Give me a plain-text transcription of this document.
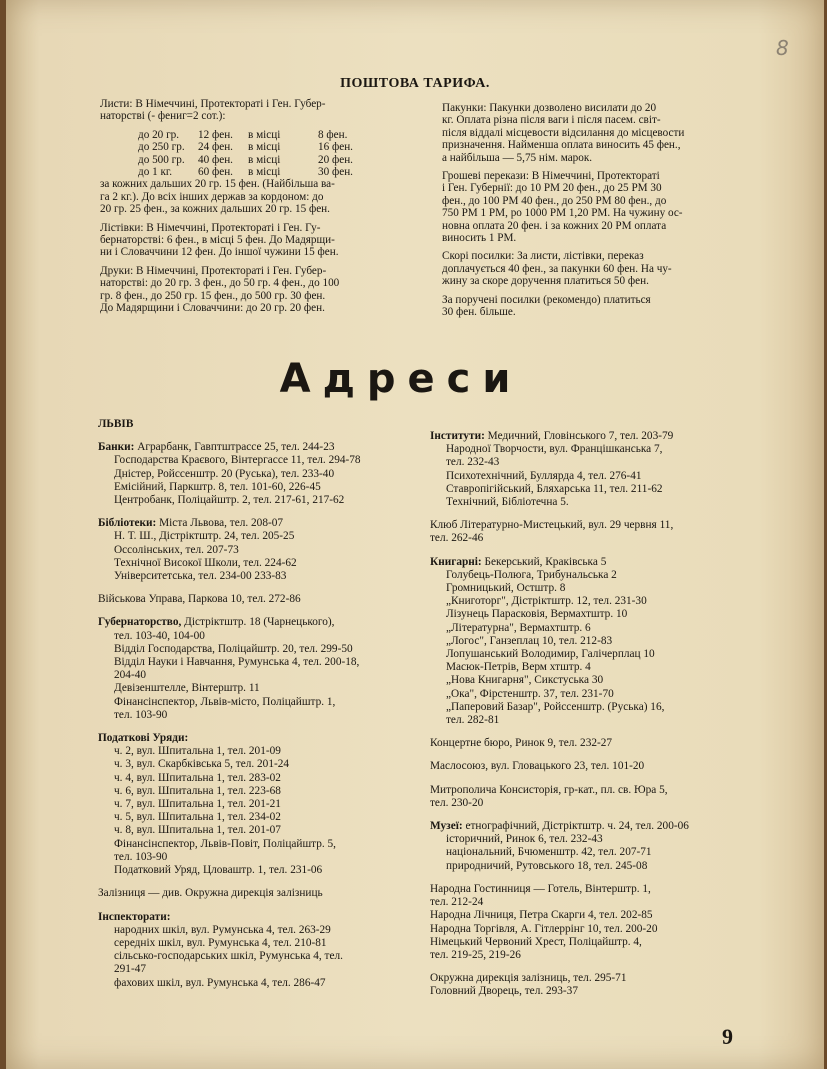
8
ПОШТОВА ТАРИФА.

Листи: В Німеччині, Протектораті і Ген. Губер-
наторстві (- фениг=2 сот.):

до 20 гр.	12 фен.	в місці	8 фен.
до 250 гр.	24 фен.	в місці	16 фен.
до 500 гр.	40 фен.	в місці	20 фен.
до 1 кг.	60 фен.	в місці	30 фен.

за кожних дальших 20 гр. 15 фен. (Найбільша ва-
га 2 кг.). До всіх інших держав за кордоном: до
20 гр. 25 фен., за кожних дальших 20 гр. 15 фен.

Лістівки: В Німеччині, Протектораті і Ген. Гу-
бернаторстві: 6 фен., в місці 5 фен. До Мадярщи-
ни і Словаччини 12 фен. До іншої чужини 15 фен.

Друки: В Німеччині, Протектораті і Ген. Губер-
наторстві: до 20 гр. 3 фен., до 50 гр. 4 фен., до 100
гр. 8 фен., до 250 гр. 15 фен., до 500 гр. 30 фен.
До Мадярщини і Словаччини: до 20 гр. 20 фен.

Пакунки: Пакунки дозволено висилати до 20
кг. Оплата різна після ваги і після пасем. світ-
після віддалі місцевости відсилання до місцевости
призначення. Найменша оплата виносить 45 фен.,
а найбільша — 5,75 нім. марок.

Грошеві перекази: В Німеччині, Протектораті
і Ген. Губернії: до 10 РМ 20 фен., до 25 РМ 30
фен., до 100 РМ 40 фен., до 250 РМ 80 фен., до
750 РМ 1 РМ, ро 1000 РМ 1,20 РМ. На чужину ос-
новна оплата 20 фен. і за кожних 20 РМ оплата
виносить 1 РМ.

Скорі посилки: За листи, лістівки, переказ
доплачується 40 фен., за пакунки 60 фен. На чу-
жину за скоре доручення платиться 50 фен.

За поручені посилки (рекомендо) платиться
30 фен. більше.

Адреси
ЛЬВІВ
Банки: Аграрбанк, Гавптштрассе 25, тел. 244-23
Господарства Краєвого, Вінтергассе 11, тел. 294-78
Дністер, Ройссенштр. 20 (Руська), тел. 233-40
Емісійний, Паркштр. 8, тел. 101-60, 226-45
Центробанк, Поліцайштр. 2, тел. 217-61, 217-62
Бібліотеки: Міста Львова, тел. 208-07
Н. Т. Ш., Дістріктштр. 24, тел. 205-25
Оссолінських, тел. 207-73
Технічної Високої Школи, тел. 224-62
Університетська, тел. 234-00 233-83
Військова Управа, Паркова 10, тел. 272-86
Губернаторство, Дістріктштр. 18 (Чарнецького),
тел. 103-40, 104-00
Відділ Господарства, Поліцайштр. 20, тел. 299-50
Відділ Науки і Навчання, Румунська 4, тел. 200-18,
204-40
Девізенштелле, Вінтерштр. 11
Фінансінспектор, Львів-місто, Поліцайштр. 1,
тел. 103-90
Податкові Уряди:
ч. 2, вул. Шпитальна 1, тел. 201-09
ч. 3, вул. Скарбківська 5, тел. 201-24
ч. 4, вул. Шпитальна 1, тел. 283-02
ч. 6, вул. Шпитальна 1, тел. 223-68
ч. 7, вул. Шпитальна 1, тел. 201-21
ч. 5, вул. Шпитальна 1, тел. 234-02
ч. 8, вул. Шпитальна 1, тел. 201-07
Фінансінспектор, Львів-Повіт, Поліцайштр. 5,
тел. 103-90
Податковий Уряд, Цловаштр. 1, тел. 231-06
Залізниця — див. Окружна дирекція залізниць
Інспекторати:
народних шкіл, вул. Румунська 4, тел. 263-29
середніх шкіл, вул. Румунська 4, тел. 210-81
сільсько-господарських шкіл, Румунська 4, тел.
291-47
фахових шкіл, вул. Румунська 4, тел. 286-47
Інститути: Медичний, Гловінського 7, тел. 203-79
Народної Творчости, вул. Францішканська 7,
тел. 232-43
Психотехнічний, Буллярда 4, тел. 276-41
Ставропігійський, Бляхарська 11, тел. 211-62
Технічний, Бібліотечна 5.
Клюб Літературно-Мистецький, вул. 29 червня 11,
тел. 262-46
Книгарні: Бекерський, Краківська 5
Голубець-Полюга, Трибунальська 2
Громницький, Остштр. 8
„Книготорг", Дістріктштр. 12, тел. 231-30
Лізунець Парасковія, Вермахтштр. 10
„Літературна", Вермахтштр. 6
„Логос", Ганзеплац 10, тел. 212-83
Лопушанський Володимир, Галічерплац 10
Масюк-Петрів, Верм хтштр. 4
„Нова Книгарня", Сикстуська 30
„Ока", Фірстенштр. 37, тел. 231-70
„Паперовий Базар", Ройссенштр. (Руська) 16,
тел. 282-81
Концертне бюро, Ринок 9, тел. 232-27
Маслосоюз, вул. Гловацького 23, тел. 101-20
Митрополича Консисторія, гр-кат., пл. св. Юра 5,
тел. 230-20
Музеї: етнографічний, Дістріктштр. ч. 24, тел. 200-06
історичний, Ринок 6, тел. 232-43
національний, Бчюменштр. 42, тел. 207-71
природничий, Рутовського 18, тел. 245-08
Народна Гостинниця — Готель, Вінтерштр. 1,
тел. 212-24
Народна Лічниця, Петра Скарги 4, тел. 202-85
Народна Торгівля, А. Гітлеррінг 10, тел. 200-20
Німецький Червоний Хрест, Поліцайштр. 4,
тел. 219-25, 219-26
Окружна дирекція залізниць, тел. 295-71
Головний Дворець, тел. 293-37
9
